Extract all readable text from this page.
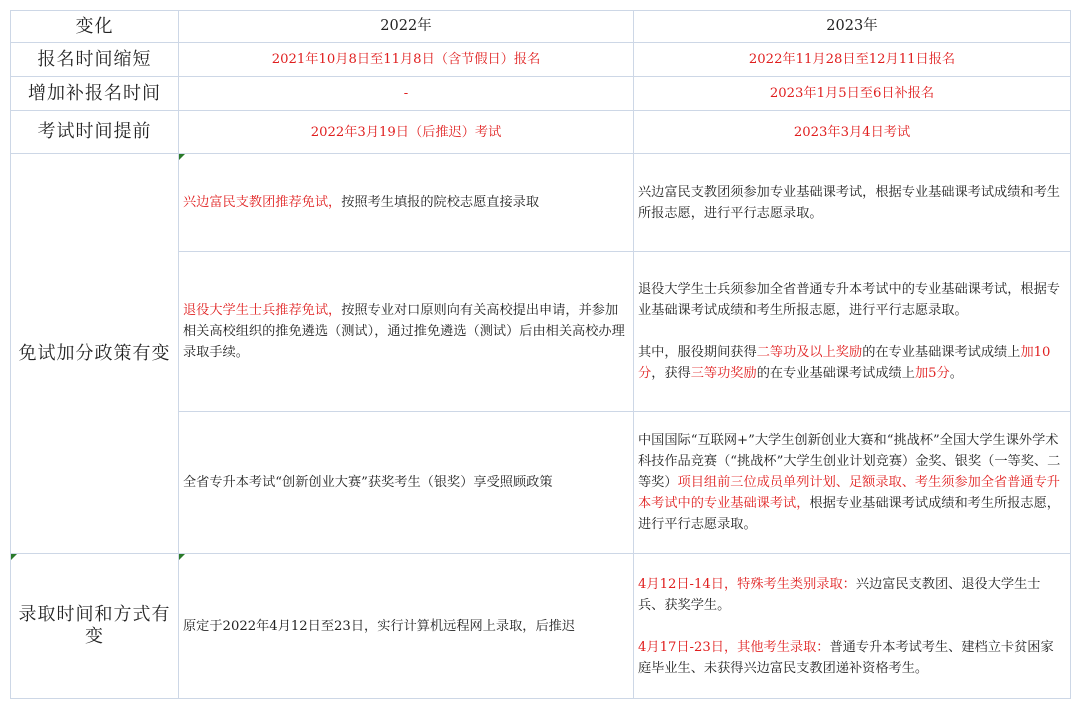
变化	2022年	2023年
报名时间缩短	2021年10月8日至11月8日（含节假日）报名	2022年11月28日至12月11日报名
增加补报名时间	-	2023年1月5日至6日补报名
考试时间提前	2022年3月19日（后推迟）考试	2023年3月4日考试
免试加分政策有变	兴边富民支教团推荐免试，按照考生填报的院校志愿直接录取	兴边富民支教团须参加专业基础课考试，根据专业基础课考试成绩和考生所报志愿，进行平行志愿录取。
	退役大学生士兵推荐免试，按照专业对口原则向有关高校提出申请，并参加相关高校组织的推免遴选（测试），通过推免遴选（测试）后由相关高校办理录取手续。	退役大学生士兵须参加全省普通专升本考试中的专业基础课考试，根据专业基础课考试成绩和考生所报志愿，进行平行志愿录取。
其中，服役期间获得二等功及以上奖励的在专业基础课考试成绩上加10分，获得三等功奖励的在专业基础课考试成绩上加5分。

	全省专升本考试“创新创业大赛”获奖考生（银奖）享受照顾政策	中国国际“互联网+”大学生创新创业大赛和“挑战杯”全国大学生课外学术科技作品竞赛（“挑战杯”大学生创业计划竞赛）金奖、银奖（一等奖、二等奖）项目组前三位成员单列计划、足额录取、考生须参加全省普通专升本考试中的专业基础课考试，根据专业基础课考试成绩和考生所报志愿，进行平行志愿录取。

录取时间和方式有变	原定于2022年4月12日至23日，实行计算机远程网上录取，后推迟	4月12日-14日，特殊考生类别录取：兴边富民支教团、退役大学生士兵、获奖学生。
4月17日-23日，其他考生录取：普通专升本考试考生、建档立卡贫困家庭毕业生、未获得兴边富民支教团递补资格考生。
